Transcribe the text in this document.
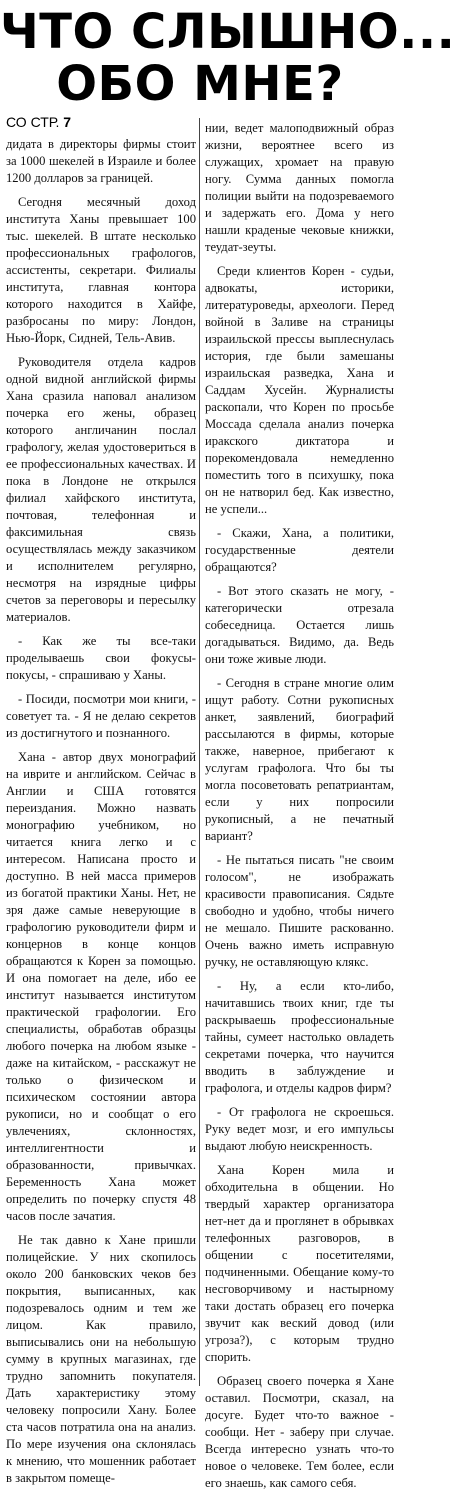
ЧТО СЛЫШНО...
ОБО МНЕ?
СО СТР. 7

дидата в директоры фирмы стоит за 1000 шекелей в Израиле и более 1200 долларов за границей.

Сегодня месячный доход института Ханы превышает 100 тыс. шекелей. В штате несколько профессиональных графологов, ассистенты, секретари. Филиалы института, главная контора которого находится в Хайфе, разбросаны по миру: Лондон, Нью-Йорк, Сидней, Тель-Авив.

Руководителя отдела кадров одной видной английской фирмы Хана сразила наповал анализом почерка его жены, образец которого англичанин послал графологу, желая удостовериться в ее профессиональных качествах. И пока в Лондоне не открылся филиал хайфского института, почтовая, телефонная и факсимильная связь осуществлялась между заказчиком и исполнителем регулярно, несмотря на изрядные цифры счетов за переговоры и пересылку материалов.

- Как же ты все-таки проделываешь свои фокусы-покусы, - спрашиваю у Ханы.

- Посиди, посмотри мои книги, - советует та. - Я не делаю секретов из достигнутого и познанного.

Хана - автор двух монографий на иврите и английском. Сейчас в Англии и США готовятся переиздания. Можно назвать монографию учебником, но читается книга легко и с интересом. Написана просто и доступно. В ней масса примеров из богатой практики Ханы. Нет, не зря даже самые неверующие в графологию руководители фирм и концернов в конце концов обращаются к Корен за помощью. И она помогает на деле, ибо ее институт называется институтом практической графологии. Его специалисты, обработав образцы любого почерка на любом языке - даже на китайском, - расскажут не только о физическом и психическом состоянии автора рукописи, но и сообщат о его увлечениях, склонностях, интеллигентности и образованности, привычках. Беременность Хана может определить по почерку спустя 48 часов после зачатия.

Не так давно к Хане пришли полицейские. У них скопилось около 200 банковских чеков без покрытия, выписанных, как подозревалось одним и тем же лицом. Как правило, выписывались они на небольшую сумму в крупных магазинах, где трудно запомнить покупателя. Дать характеристику этому человеку попросили Хану. Более ста часов потратила она на анализ. По мере изучения она склонялась к мнению, что мошенник работает в закрытом помеще-

нии, ведет малоподвижный образ жизни, вероятнее всего из служащих, хромает на правую ногу. Сумма данных помогла полиции выйти на подозреваемого и задержать его. Дома у него нашли краденые чековые книжки, теудат-зеуты.

Среди клиентов Корен - судьи, адвокаты, историки, литературоведы, археологи. Перед войной в Заливе на страницы израильской прессы выплеснулась история, где были замешаны израильская разведка, Хана и Саддам Хусейн. Журналисты раскопали, что Корен по просьбе Моссада сделала анализ почерка иракского диктатора и порекомендовала немедленно поместить того в психушку, пока он не натворил бед. Как известно, не успели...

- Скажи, Хана, а политики, государственные деятели обращаются?

- Вот этого сказать не могу, - категорически отрезала собеседница. Остается лишь догадываться. Видимо, да. Ведь они тоже живые люди.

- Сегодня в стране многие олим ищут работу. Сотни рукописных анкет, заявлений, биографий рассылаются в фирмы, которые также, наверное, прибегают к услугам графолога. Что бы ты могла посоветовать репатриантам, если у них попросили рукописный, а не печатный вариант?

- Не пытаться писать "не своим голосом", не изображать красивости правописания. Сядьте свободно и удобно, чтобы ничего не мешало. Пишите раскованно. Очень важно иметь исправную ручку, не оставляющую клякс.

- Ну, а если кто-либо, начитавшись твоих книг, где ты раскрываешь профессиональные тайны, сумеет настолько овладеть секретами почерка, что научится вводить в заблуждение и графолога, и отделы кадров фирм?

- От графолога не скроешься. Руку ведет мозг, и его импульсы выдают любую неискренность.

Хана Корен мила и обходительна в общении. Но твердый характер организатора нет-нет да и проглянет в обрывках телефонных разговоров, в общении с посетителями, подчиненными. Обещание кому-то несговорчивому и настырному таки достать образец его почерка звучит как веский довод (или угроза?), с которым трудно спорить.

Образец своего почерка я Хане оставил. Посмотри, сказал, на досуге. Будет что-то важное - сообщи. Нет - заберу при случае. Всегда интересно узнать что-то новое о человеке. Тем более, если его знаешь, как самого себя.
